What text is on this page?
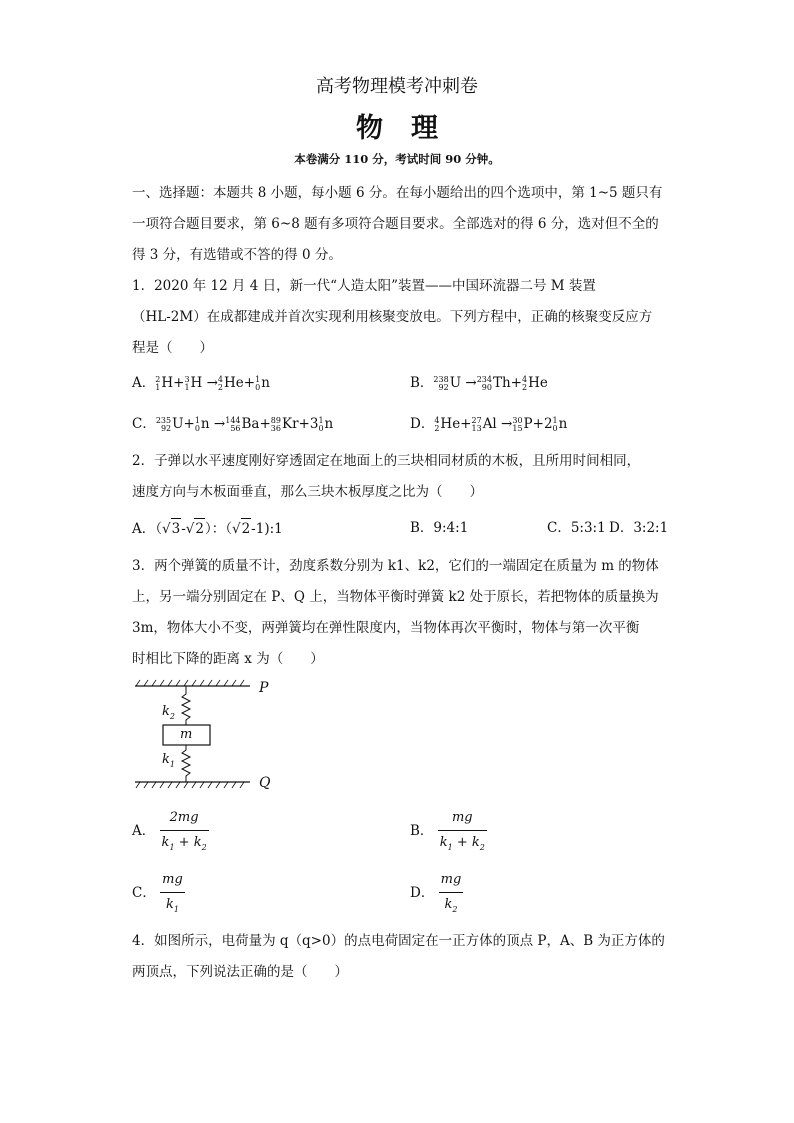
高考物理模考冲刺卷
物理
本卷满分 110 分，考试时间 90 分钟。
一、选择题：本题共 8 小题，每小题 6 分。在每小题给出的四个选项中，第 1~5 题只有
一项符合题目要求，第 6~8 题有多项符合题目要求。全部选对的得 6 分，选对但不全的
得 3 分，有选错或不答的得 0 分。
1．2020 年 12 月 4 日，新一代“人造太阳”装置——中国环流器二号 M 装置
（HL-2M）在成都建成并首次实现利用核聚变放电。下列方程中，正确的核聚变反应方
程是（　　）
A．2
1H+3
1H →4
2He+1
0n	B．238
92U →234
90Th+4
2He
C．235
92U+1
0n →144
56Ba+89
36Kr+31
0n	D．4
2He+27
13Al →30
15P+21
0n
2．子弹以水平速度刚好穿透固定在地面上的三块相同材质的木板，且所用时间相同，
速度方向与木板面垂直，那么三块木板厚度之比为（　　）
A．（√3-√2）：（√2-1):1	B．9:4:1	C．5:3:1 D．3:2:1
3．两个弹簧的质量不计，劲度系数分别为 k1、k2，它们的一端固定在质量为 m 的物体
上，另一端分别固定在 P、Q 上，当物体平衡时弹簧 k2 处于原长，若把物体的质量换为
3m，物体大小不变，两弹簧均在弹性限度内，当物体再次平衡时，物体与第一次平衡
时相比下降的距离 x 为（　　）
P
Q
m
$k_2$
$k_1$
A． $\frac{2mg}{k_1 + k_2}$	B． $\frac{mg}{k_1 + k_2}$
C． $\frac{mg}{k_1}$	D． $\frac{mg}{k_2}$
4．如图所示，电荷量为 q（q>0）的点电荷固定在一正方体的顶点 P，A、B 为正方体的
两顶点，下列说法正确的是（　　）
